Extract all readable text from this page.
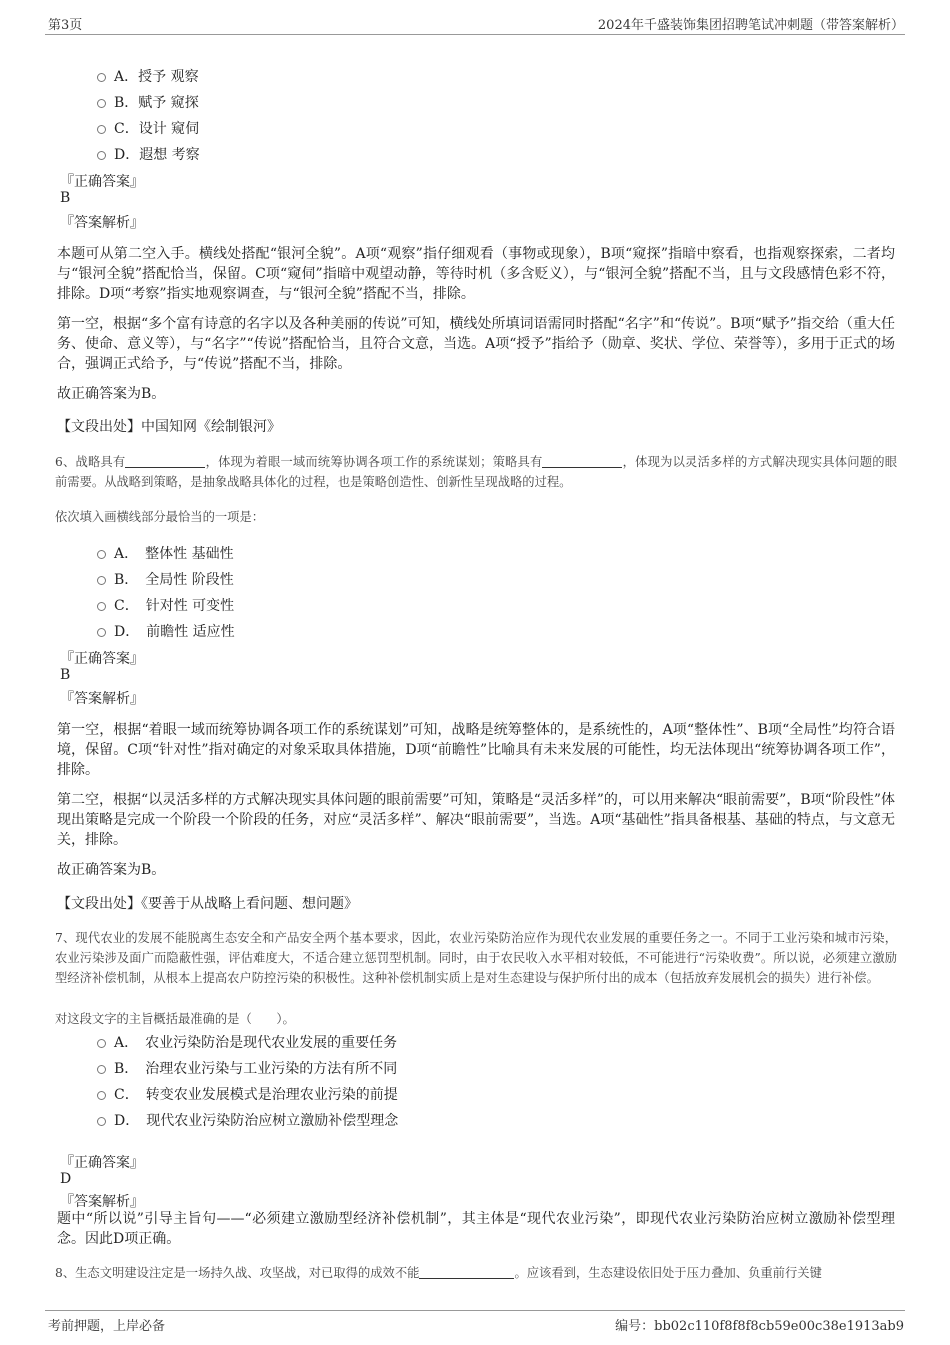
第3页	2024年千盛装饰集团招聘笔试冲刺题（带答案解析）
A．授予 观察
B．赋予 窥探
C．设计 窥伺
D．遐想 考察
『正确答案』
B
『答案解析』
本题可从第二空入手。横线处搭配“银河全貌”。A项“观察”指仔细观看（事物或现象），B项“窥探”指暗中察看，也指观察探索，二者均与“银河全貌”搭配恰当，保留。C项“窥伺”指暗中观望动静，等待时机（多含贬义），与“银河全貌”搭配不当，且与文段感情色彩不符，排除。D项“考察”指实地观察调查，与“银河全貌”搭配不当，排除。
第一空，根据“多个富有诗意的名字以及各种美丽的传说”可知，横线处所填词语需同时搭配“名字”和“传说”。B项“赋予”指交给（重大任务、使命、意义等），与“名字”“传说”搭配恰当，且符合文意，当选。A项“授予”指给予（勋章、奖状、学位、荣誉等），多用于正式的场合，强调正式给予，与“传说”搭配不当，排除。
故正确答案为B。
【文段出处】中国知网《绘制银河》
6、战略具有	，体现为着眼一域而统筹协调各项工作的系统谋划；策略具有	，体现为以灵活多样的方式解决现实具体问题的眼前需要。从战略到策略，是抽象战略具体化的过程，也是策略创造性、创新性呈现战略的过程。
依次填入画横线部分最恰当的一项是：
A．  整体性 基础性
B．  全局性 阶段性
C．  针对性 可变性
D．  前瞻性 适应性
『正确答案』
B
『答案解析』
第一空，根据“着眼一域而统筹协调各项工作的系统谋划”可知，战略是统筹整体的，是系统性的，A项“整体性”、B项“全局性”均符合语境，保留。C项“针对性”指对确定的对象采取具体措施，D项“前瞻性”比喻具有未来发展的可能性，均无法体现出“统筹协调各项工作”，排除。
第二空，根据“以灵活多样的方式解决现实具体问题的眼前需要”可知，策略是“灵活多样”的，可以用来解决“眼前需要”，B项“阶段性”体现出策略是完成一个阶段一个阶段的任务，对应“灵活多样”、解决“眼前需要”，当选。A项“基础性”指具备根基、基础的特点，与文意无关，排除。
故正确答案为B。
【文段出处】《要善于从战略上看问题、想问题》
7、现代农业的发展不能脱离生态安全和产品安全两个基本要求，因此，农业污染防治应作为现代农业发展的重要任务之一。不同于工业污染和城市污染，农业污染涉及面广而隐蔽性强，评估难度大，不适合建立惩罚型机制。同时，由于农民收入水平相对较低，不可能进行“污染收费”。所以说，必须建立激励型经济补偿机制，从根本上提高农户防控污染的积极性。这种补偿机制实质上是对生态建设与保护所付出的成本（包括放弃发展机会的损失）进行补偿。
对这段文字的主旨概括最准确的是（　　）。
A．  农业污染防治是现代农业发展的重要任务
B．  治理农业污染与工业污染的方法有所不同
C．  转变农业发展模式是治理农业污染的前提
D．  现代农业污染防治应树立激励补偿型理念
『正确答案』
D
『答案解析』
题中“所以说”引导主旨句——“必须建立激励型经济补偿机制”，其主体是“现代农业污染”，即现代农业污染防治应树立激励补偿型理念。因此D项正确。
8、生态文明建设注定是一场持久战、攻坚战，对已取得的成效不能	。应该看到，生态建设依旧处于压力叠加、负重前行关键
考前押题，上岸必备	编号：bb02c110f8f8f8cb59e00c38e1913ab9
